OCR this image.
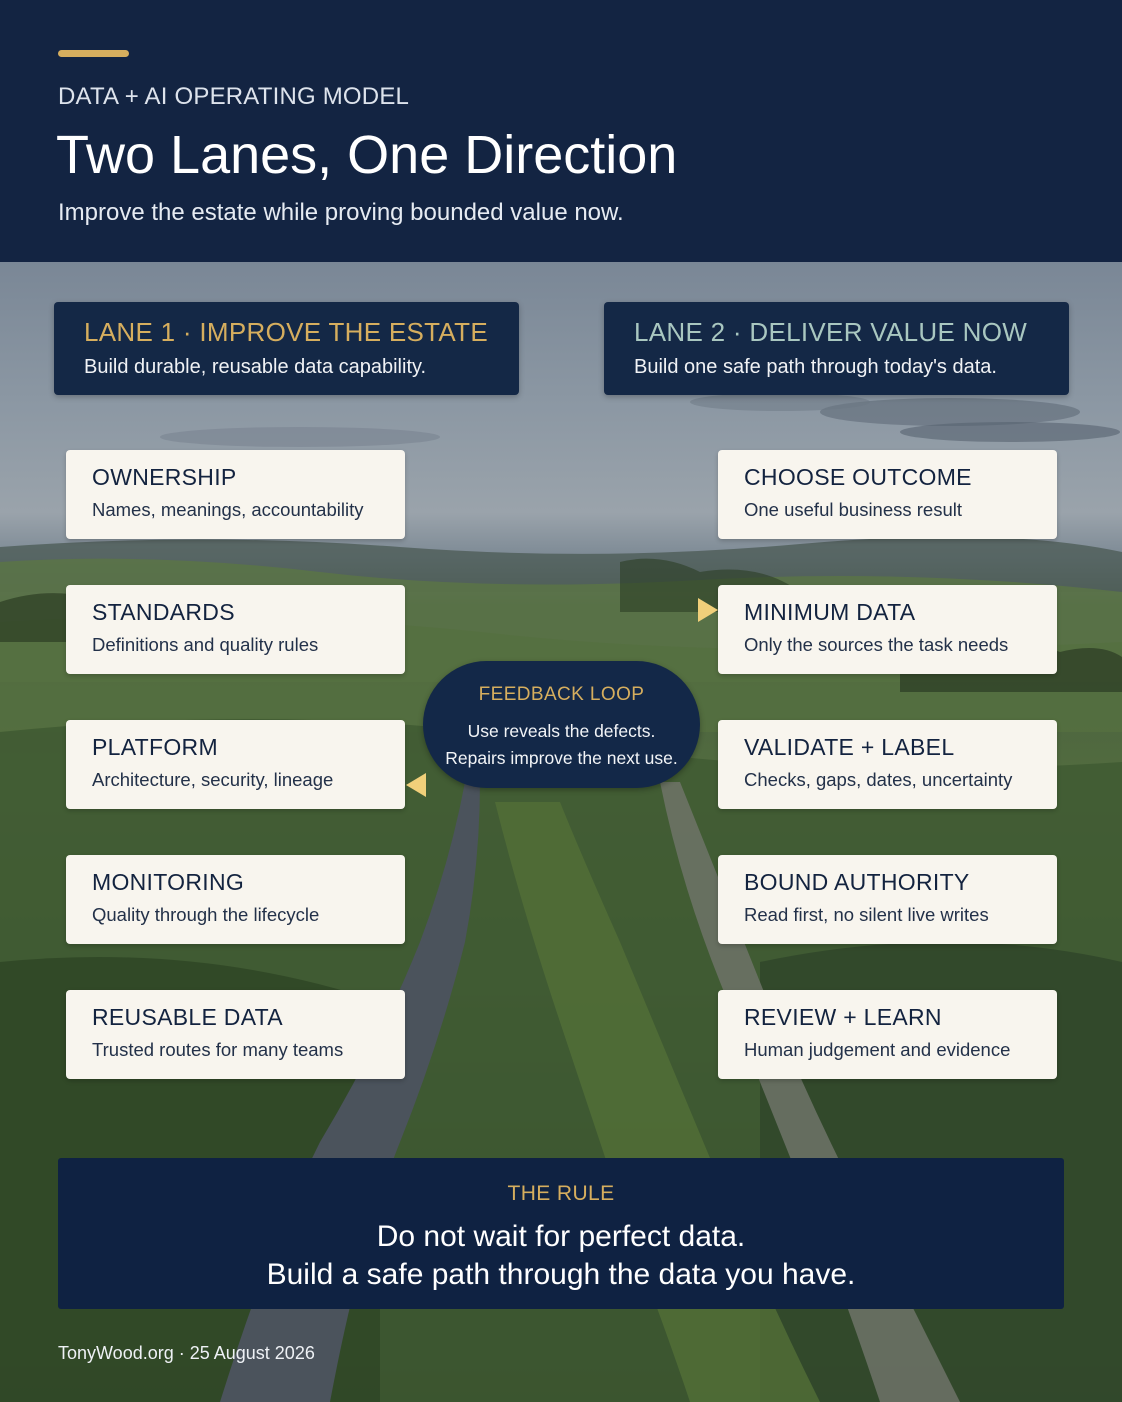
DATA + AI OPERATING MODEL
Two Lanes, One Direction
Improve the estate while proving bounded value now.
LANE 1 · IMPROVE THE ESTATE
Build durable, reusable data capability.
LANE 2 · DELIVER VALUE NOW
Build one safe path through today's data.
OWNERSHIP
Names, meanings, accountability
STANDARDS
Definitions and quality rules
PLATFORM
Architecture, security, lineage
MONITORING
Quality through the lifecycle
REUSABLE DATA
Trusted routes for many teams
CHOOSE OUTCOME
One useful business result
MINIMUM DATA
Only the sources the task needs
VALIDATE + LABEL
Checks, gaps, dates, uncertainty
BOUND AUTHORITY
Read first, no silent live writes
REVIEW + LEARN
Human judgement and evidence
FEEDBACK LOOP
Use reveals the defects.
Repairs improve the next use.
THE RULE
Do not wait for perfect data.
Build a safe path through the data you have.
TonyWood.org · 25 August 2026
